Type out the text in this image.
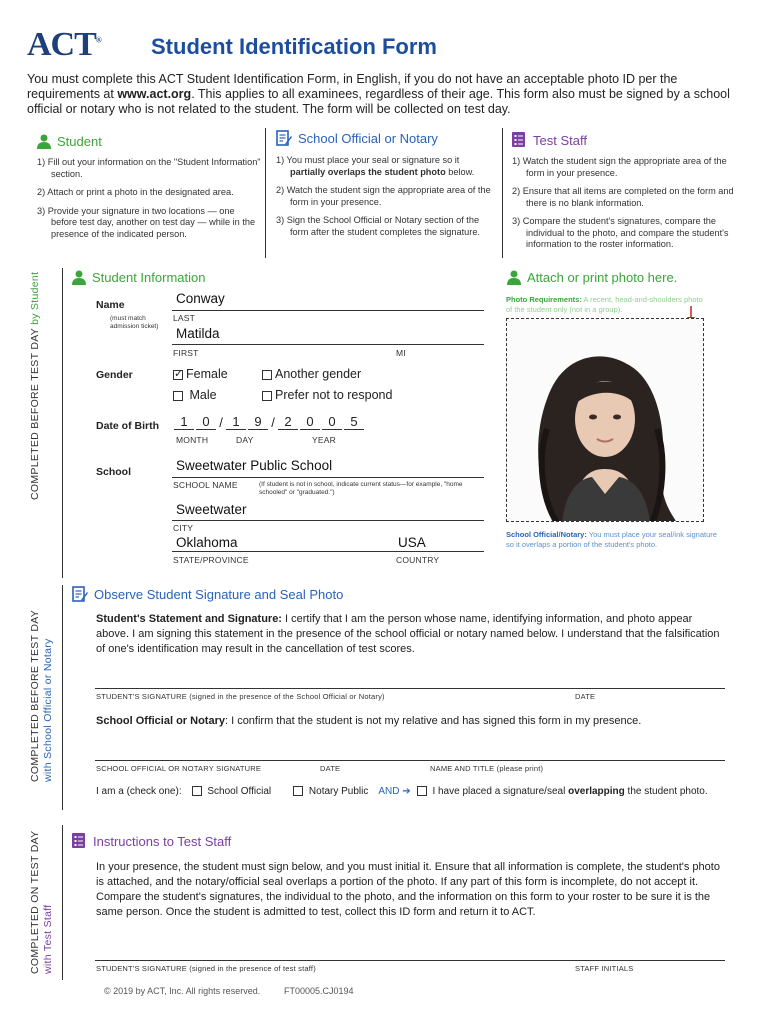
ACT® Student Identification Form
You must complete this ACT Student Identification Form, in English, if you do not have an acceptable photo ID per the requirements at www.act.org. This applies to all examinees, regardless of their age. This form also must be signed by a school official or notary who is not related to the student. The form will be collected on test day.
Student
1) Fill out your information on the "Student Information" section.
2) Attach or print a photo in the designated area.
3) Provide your signature in two locations — one before test day, another on test day — while in the presence of the indicated person.
School Official or Notary
1) You must place your seal or signature so it partially overlaps the student photo below.
2) Watch the student sign the appropriate area of the form in your presence.
3) Sign the School Official or Notary section of the form after the student completes the signature.
Test Staff
1) Watch the student sign the appropriate area of the form in your presence.
2) Ensure that all items are completed on the form and there is no blank information.
3) Compare the student's signatures, compare the individual to the photo, and compare the student's information to the roster information.
COMPLETED BEFORE TEST DAY by Student	Student Information
Name
(must match admission ticket)
Conway
LAST
Matilda
FIRST	MI
Gender
✓	Female	Another gender
Male	Prefer not to respond
Date of Birth	1	0 / 1	9 / 2	0	0	5
MONTH	DAY	YEAR
School	Sweetwater Public School
SCHOOL NAME	(If student is not in school, indicate current status—for example, "home schooled" or "graduated.")
Sweetwater
CITY
Oklahoma	USA
STATE/PROVINCE	COUNTRY
Attach or print photo here.
Photo Requirements: A recent, head-and-shoulders photo of the student only (not in a group).
School Official/Notary: You must place your seal/ink signature so it overlaps a portion of the student's photo.
COMPLETED BEFORE TEST DAY with School Official or Notary
Observe Student Signature and Seal Photo
Student's Statement and Signature: I certify that I am the person whose name, identifying information, and photo appear above. I am signing this statement in the presence of the school official or notary named below. I understand that the falsification of one's identification may result in the cancellation of test scores.
STUDENT'S SIGNATURE (signed in the presence of the School Official or Notary)	DATE
School Official or Notary: I confirm that the student is not my relative and has signed this form in my presence.
SCHOOL OFFICIAL OR NOTARY SIGNATURE	DATE	NAME AND TITLE (please print)
I am a (check one):	School Official	Notary Public AND ➔	I have placed a signature/seal overlapping the student photo.
COMPLETED ON TEST DAY with Test Staff
Instructions to Test Staff
In your presence, the student must sign below, and you must initial it. Ensure that all information is complete, the student's photo is attached, and the notary/official seal overlaps a portion of the photo. If any part of this form is incomplete, do not accept it. Compare the student's signatures, the individual to the photo, and the information on this form to your roster to be sure it is the same person. Once the student is admitted to test, collect this ID form and return it to ACT.
STUDENT'S SIGNATURE (signed in the presence of test staff)	STAFF INITIALS
© 2019 by ACT, Inc. All rights reserved.	FT00005.CJ0194
